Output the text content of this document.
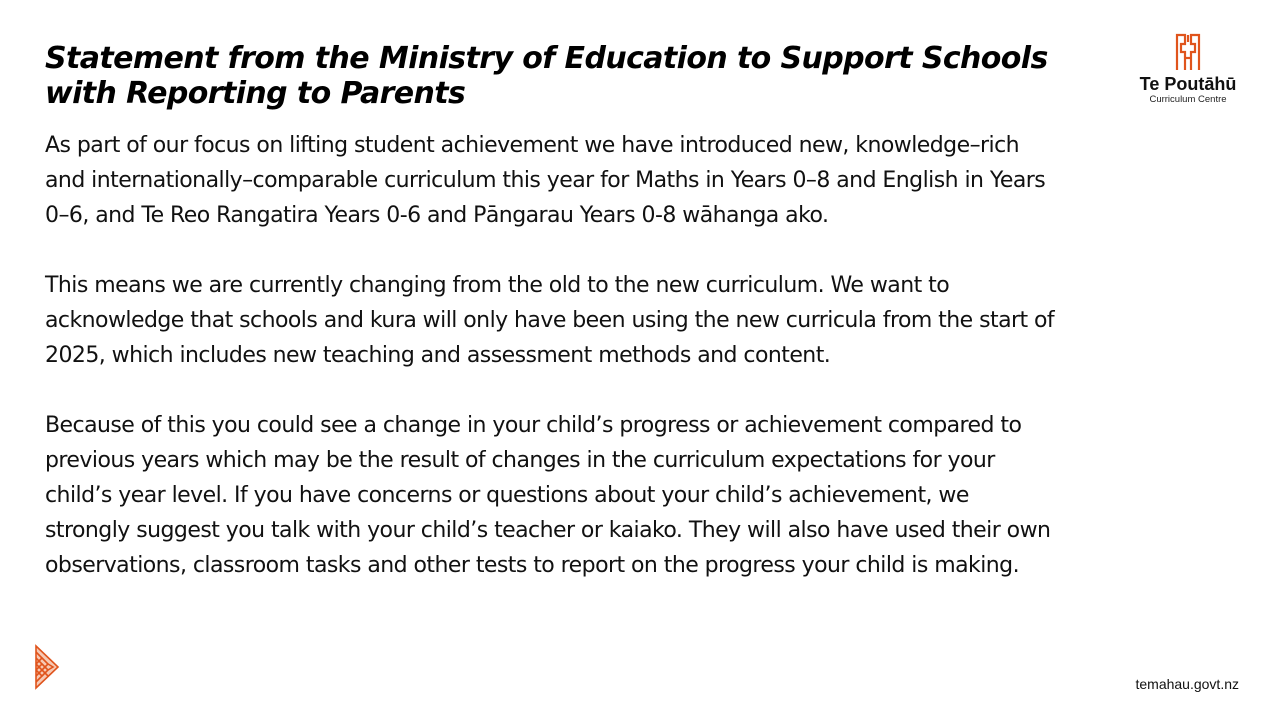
Statement from the Ministry of Education to Support Schools
with Reporting to Parents	Te Poutāhū
Curriculum Centre

As part of our focus on lifting student achievement we have introduced new, knowledge–rich
and internationally–comparable curriculum this year for Maths in Years 0–8 and English in Years
0–6, and Te Reo Rangatira Years 0-6 and Pāngarau Years 0-8 wāhanga ako.

This means we are currently changing from the old to the new curriculum. We want to
acknowledge that schools and kura will only have been using the new curricula from the start of
2025, which includes new teaching and assessment methods and content.

Because of this you could see a change in your child’s progress or achievement compared to
previous years which may be the result of changes in the curriculum expectations for your
child’s year level. If you have concerns or questions about your child’s achievement, we
strongly suggest you talk with your child’s teacher or kaiako. They will also have used their own
observations, classroom tasks and other tests to report on the progress your child is making.

temahau.govt.nz
